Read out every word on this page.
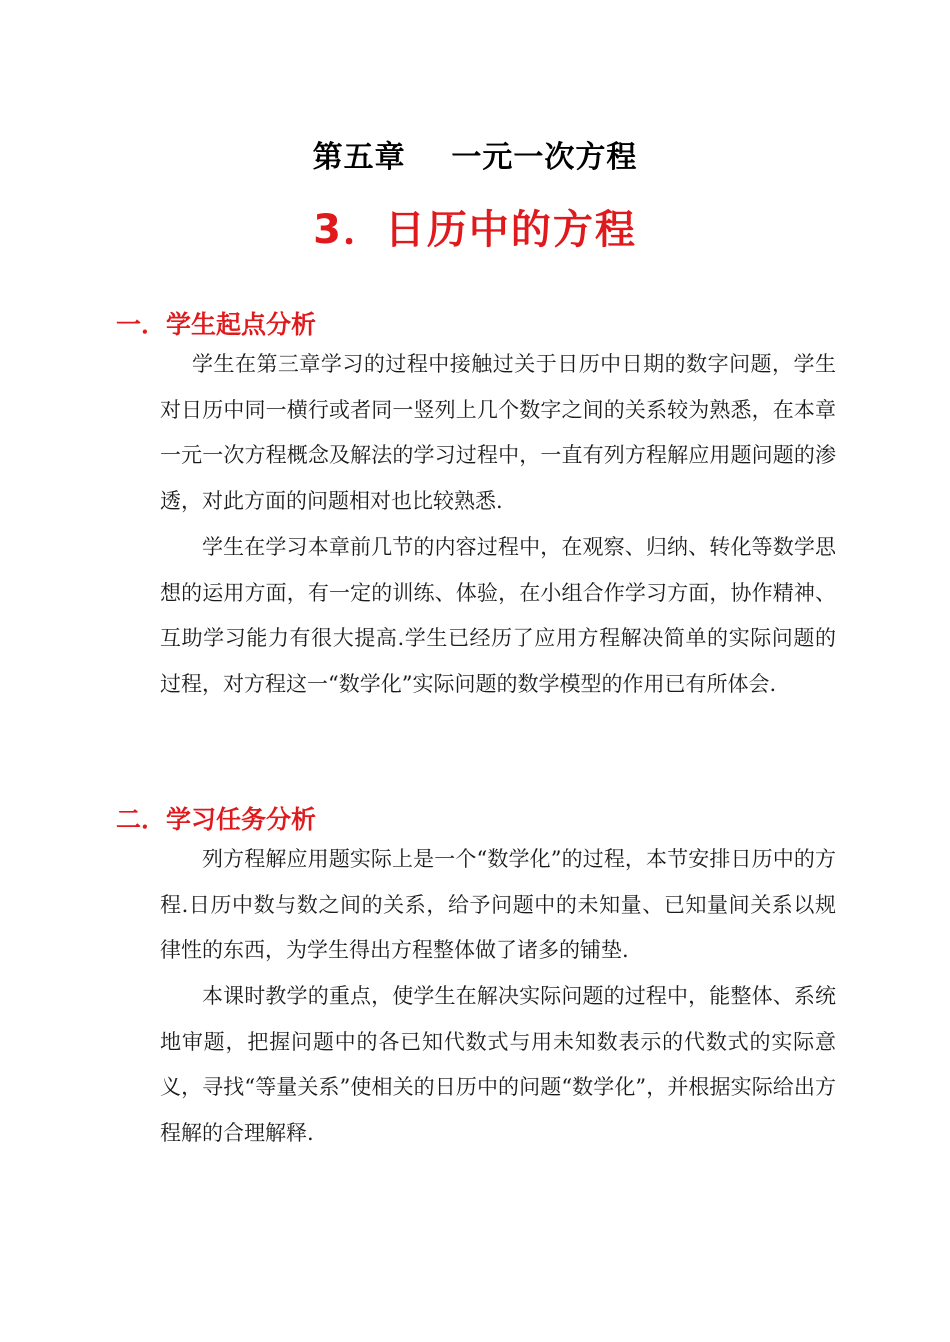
第五章    一元一次方程
3．日历中的方程
一．学生起点分析
学生在第三章学习的过程中接触过关于日历中日期的数字问题，学生对日历中同一横行或者同一竖列上几个数字之间的关系较为熟悉，在本章一元一次方程概念及解法的学习过程中，一直有列方程解应用题问题的渗透，对此方面的问题相对也比较熟悉.
学生在学习本章前几节的内容过程中，在观察、归纳、转化等数学思想的运用方面，有一定的训练、体验，在小组合作学习方面，协作精神、互助学习能力有很大提高.学生已经历了应用方程解决简单的实际问题的过程，对方程这一“数学化”实际问题的数学模型的作用已有所体会.
二．学习任务分析
列方程解应用题实际上是一个“数学化”的过程，本节安排日历中的方程.日历中数与数之间的关系，给予问题中的未知量、已知量间关系以规律性的东西，为学生得出方程整体做了诸多的铺垫.
本课时教学的重点，使学生在解决实际问题的过程中，能整体、系统地审题，把握问题中的各已知代数式与用未知数表示的代数式的实际意义，寻找“等量关系”使相关的日历中的问题“数学化”，并根据实际给出方程解的合理解释.
